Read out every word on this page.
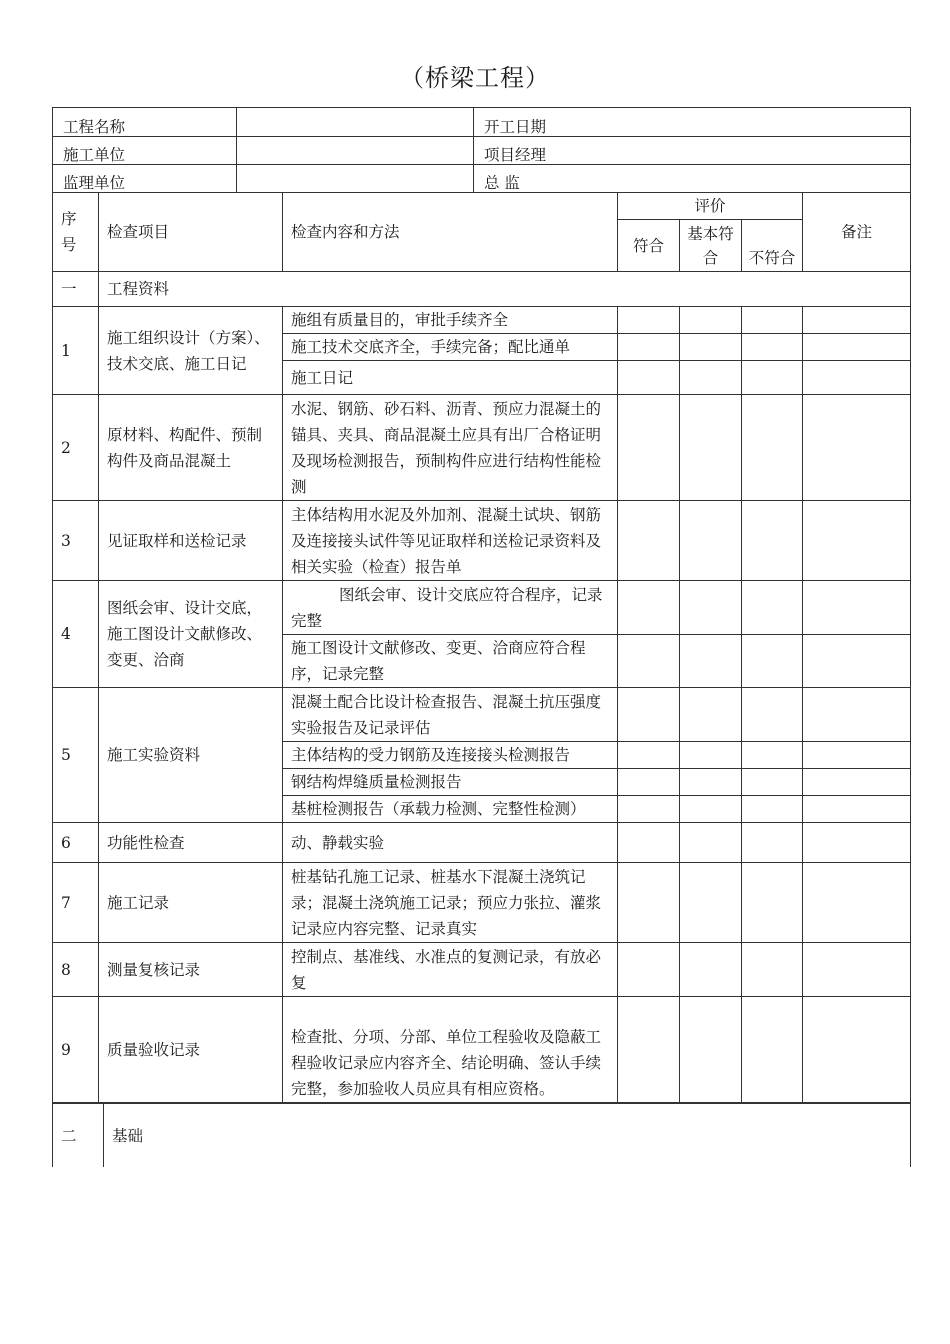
（桥梁工程）
工程名称		开工日期
施工单位		项目经理
监理单位		总 监
序号	检查项目	检查内容和方法	评价			备注
			符合	基本符合	不符合	
一	工程资料					
1	施工组织设计（方案）、技术交底、施工日记	施组有质量目的，审批手续齐全				
		施工技术交底齐全，手续完备；配比通单				
		施工日记				
2	原材料、构配件、预制构件及商品混凝土	水泥、钢筋、砂石料、沥青、预应力混凝土的锚具、夹具、商品混凝土应具有出厂合格证明及现场检测报告，预制构件应进行结构性能检测				
3	见证取样和送检记录	主体结构用水泥及外加剂、混凝土试块、钢筋及连接接头试件等见证取样和送检记录资料及相关实验（检查）报告单				
4	图纸会审、设计交底，施工图设计文献修改、变更、洽商	图纸会审、设计交底应符合程序，记录完整				
		施工图设计文献修改、变更、洽商应符合程序，记录完整				
5	施工实验资料	混凝土配合比设计检查报告、混凝土抗压强度实验报告及记录评估				
		主体结构的受力钢筋及连接接头检测报告				
		钢结构焊缝质量检测报告				
		基桩检测报告（承载力检测、完整性检测）				
6	功能性检查	动、静载实验				
7	施工记录	桩基钻孔施工记录、桩基水下混凝土浇筑记录；混凝土浇筑施工记录；预应力张拉、灌浆记录应内容完整、记录真实				
8	测量复核记录	控制点、基准线、水准点的复测记录，有放必复				
9	质量验收记录	检查批、分项、分部、单位工程验收及隐蔽工程验收记录应内容齐全、结论明确、签认手续完整，参加验收人员应具有相应资格。				
二	基础
